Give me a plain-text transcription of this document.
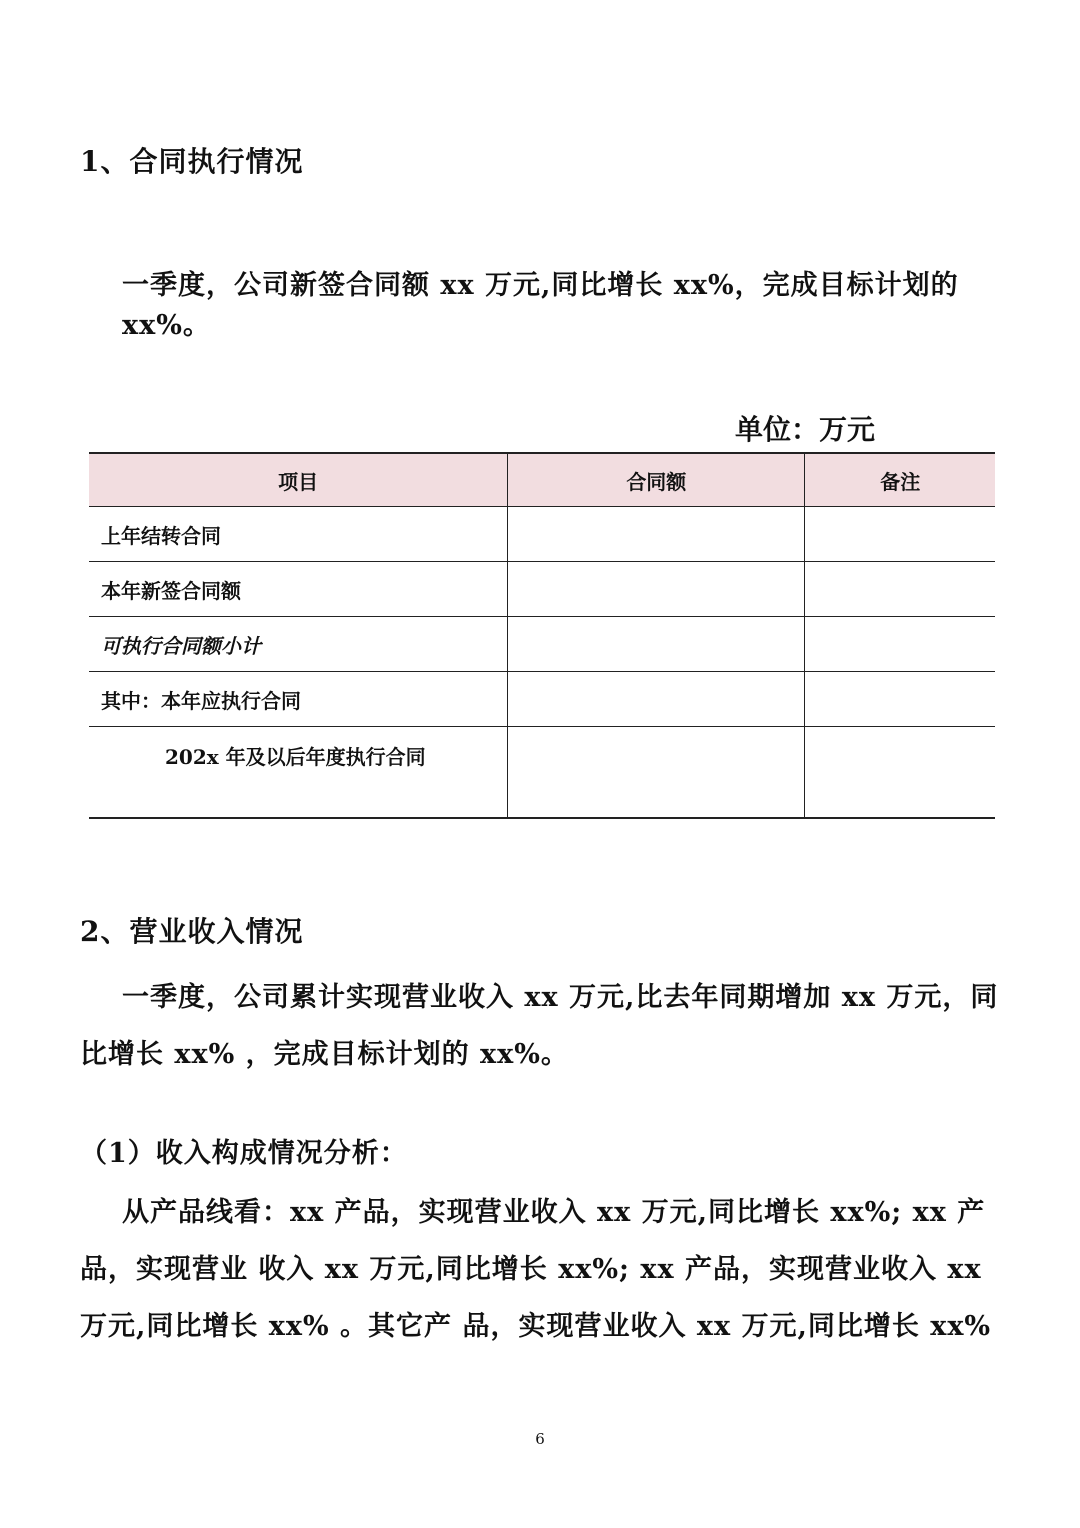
1、合同执行情况

一季度，公司新签合同额 xx 万元,同比增长 xx%，完成目标计划的

xx%。

单位：万元
项目	合同额	备注
上年结转合同		
本年新签合同额		
可执行合同额小计		
其中：本年应执行合同		
202x 年及以后年度执行合同		
2、营业收入情况

一季度，公司累计实现营业收入 xx 万元,比去年同期增加 xx 万元，同

比增长 xx% ，完成目标计划的 xx%。

（1）收入构成情况分析：

从产品线看：xx 产品，实现营业收入 xx 万元,同比增长 xx%; xx 产

品，实现营业 收入 xx 万元,同比增长 xx%; xx 产品，实现营业收入 xx

万元,同比增长 xx% 。其它产 品，实现营业收入 xx 万元,同比增长 xx%

6
